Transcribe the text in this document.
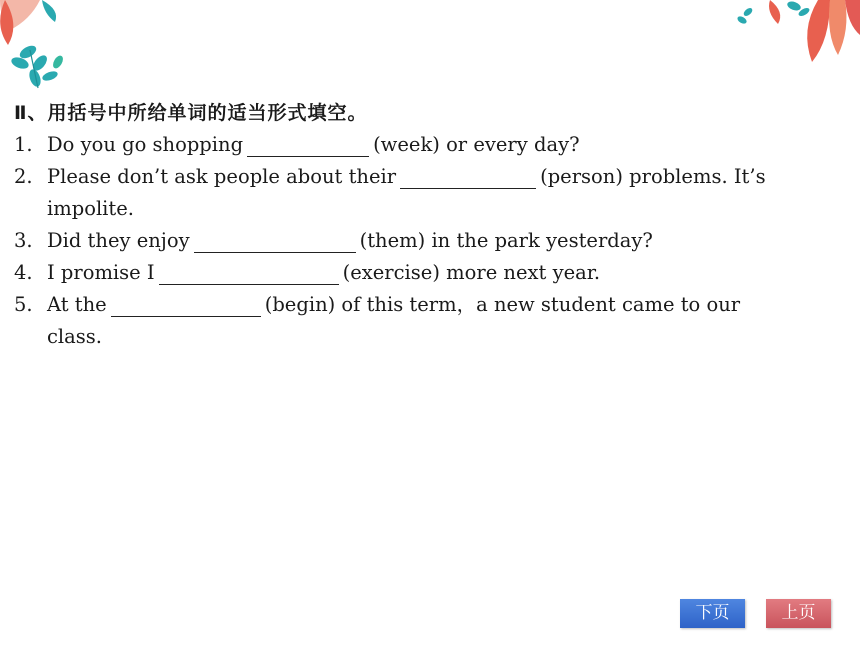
Ⅱ、用括号中所给单词的适当形式填空。
1. Do you go shopping	(week) or every day?
2. Please don’t ask people about their	(person) problems. It’s
impolite.
3. Did they enjoy	(them) in the park yesterday?
4. I promise I	(exercise) more next year.
5. At the	(begin) of this term，a new student came to our
class.
下页	上页
